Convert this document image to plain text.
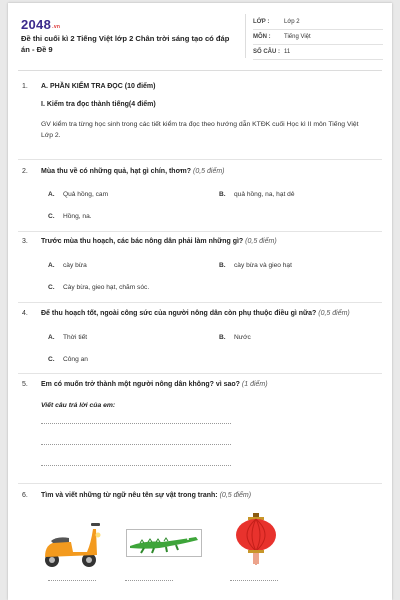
2048.vn
Đề thi cuối kì 2 Tiếng Việt lớp 2 Chân trời sáng tạo có đáp án - Đề 9
LỚP : Lớp 2
MÔN : Tiếng Việt
SỐ CÂU : 11
1. A. PHẦN KIỂM TRA ĐỌC (10 điểm)
I. Kiểm tra đọc thành tiếng(4 điểm)
GV kiểm tra từng học sinh trong các tiết kiểm tra đọc theo hướng dẫn KTĐK cuối Học kì II môn Tiếng Việt Lớp 2.
2. Mùa thu về có những quả, hạt gì chín, thơm? (0,5 điểm)
A. Quả hồng, cam	B. quả hồng, na, hạt dẻ
C. Hồng, na.
3. Trước mùa thu hoạch, các bác nông dân phải làm những gì? (0,5 điểm)
A. cày bừa	B. cày bừa và gieo hạt
C. Cày bừa, gieo hạt, chăm sóc.
4. Để thu hoạch tốt, ngoài công sức của người nông dân còn phụ thuộc điều gì nữa? (0,5 điểm)
A. Thời tiết	B. Nước
C. Công an
5. Em có muốn trở thành một người nông dân không? vì sao? (1 điểm)
Viết câu trả lời của em:
6. Tìm và viết những từ ngữ nêu tên sự vật trong tranh: (0,5 điểm)
